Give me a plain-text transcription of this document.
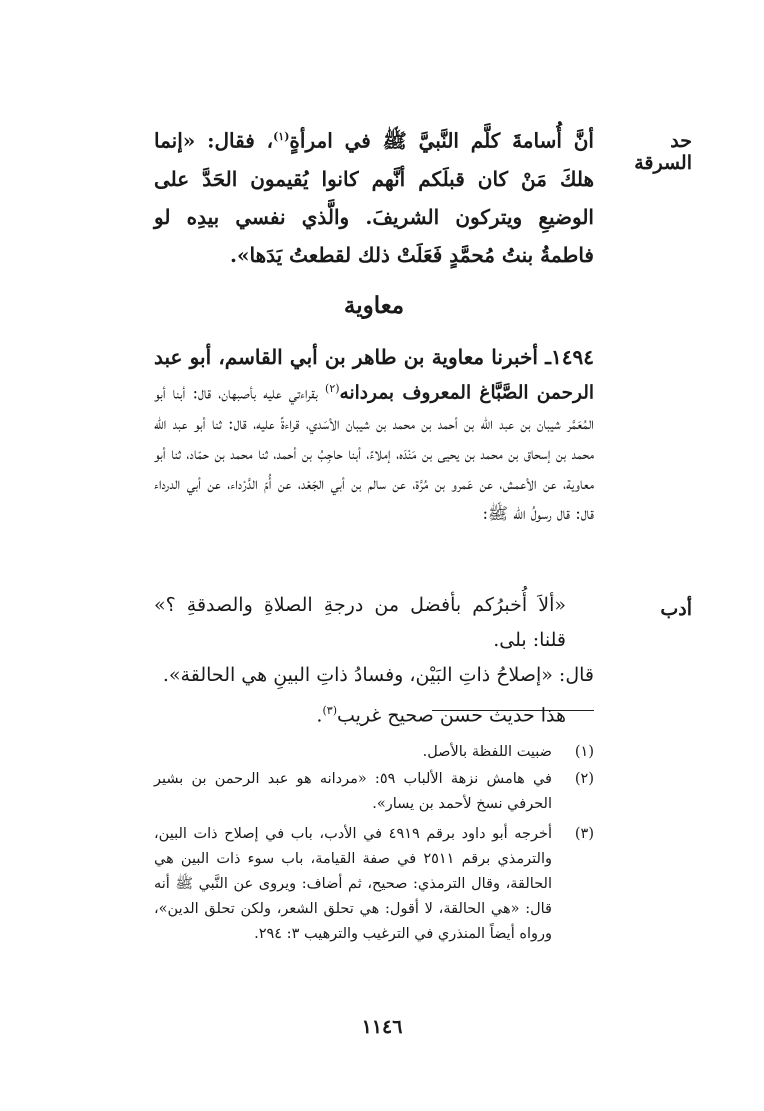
حد السرقة

أنَّ أُسامةَ كلَّم النَّبيَّ ﷺ في امرأةٍ$^{(١)}$، فقال: «إنما هلكَ مَنْ كان قبلَكم أنَّهم كانوا يُقيمون الحَدَّ على الوضيعِ ويتركون الشريفَ. والَّذي نفسي بيدِه لو فاطمةُ بنتُ مُحمَّدٍ فَعَلَتْ ذلك لقطعتُ يَدَها».

معاوية

١٤٩٤ـ أخبرنا معاوية بن طاهر بن أبي القاسم، أبو عبد الرحمن الصَّبَّاغ المعروف بمردانه$^{(٢)}$ بقراءتي عليه بأصبهان، قال: أبنا أبو المُعَمَّر شيبان بن عبد الله بن أحمد بن محمد بن شيبان الأسَدي، قراءةً عليه، قال: ثنا أبو عبد الله محمد بن إسحاق بن محمد بن يحيى بن مَنْدَه، إملاءً، أبنا حاجِبُ بن أحمد، ثنا محمد بن حمّاد، ثنا أبو معاوية، عن الأعمش، عن عَمرو بن مُرَّة، عن سالم بن أبي الجَعْد، عن أُمّ الدَّرْداء، عن أبي الدرداء قال: قال رسولُ الله ﷺ:

أدب

«ألاَ أُخبرُكم بأفضل من درجةِ الصلاةِ والصدقةِ ؟» قلنا: بلى.

قال: «إصلاحُ ذاتِ البَيْن، وفسادُ ذاتِ البينِ هي الحالقة».

هذا حديث حسن صحيح غريب$^{(٣)}$.

(١)
ضبيت اللفظة بالأصل.
(٢)
في هامش نزهة الألباب ٥٩: «مردانه هو عبد الرحمن بن بشير الحرفي نسخ لأحمد بن يسار».
(٣)
أخرجه أبو داود برقم ٤٩١٩ في الأدب، باب في إصلاح ذات البين، والترمذي برقم ٢٥١١ في صفة القيامة، باب سوء ذات البين هي الحالقة، وقال الترمذي: صحيح، ثم أضاف: ويروى عن النَّبي ﷺ أنه قال: «هي الحالقة، لا أقول: هي تحلق الشعر، ولكن تحلق الدين»، ورواه أيضاً المنذري في الترغيب والترهيب ٣: ٢٩٤.
١١٤٦
